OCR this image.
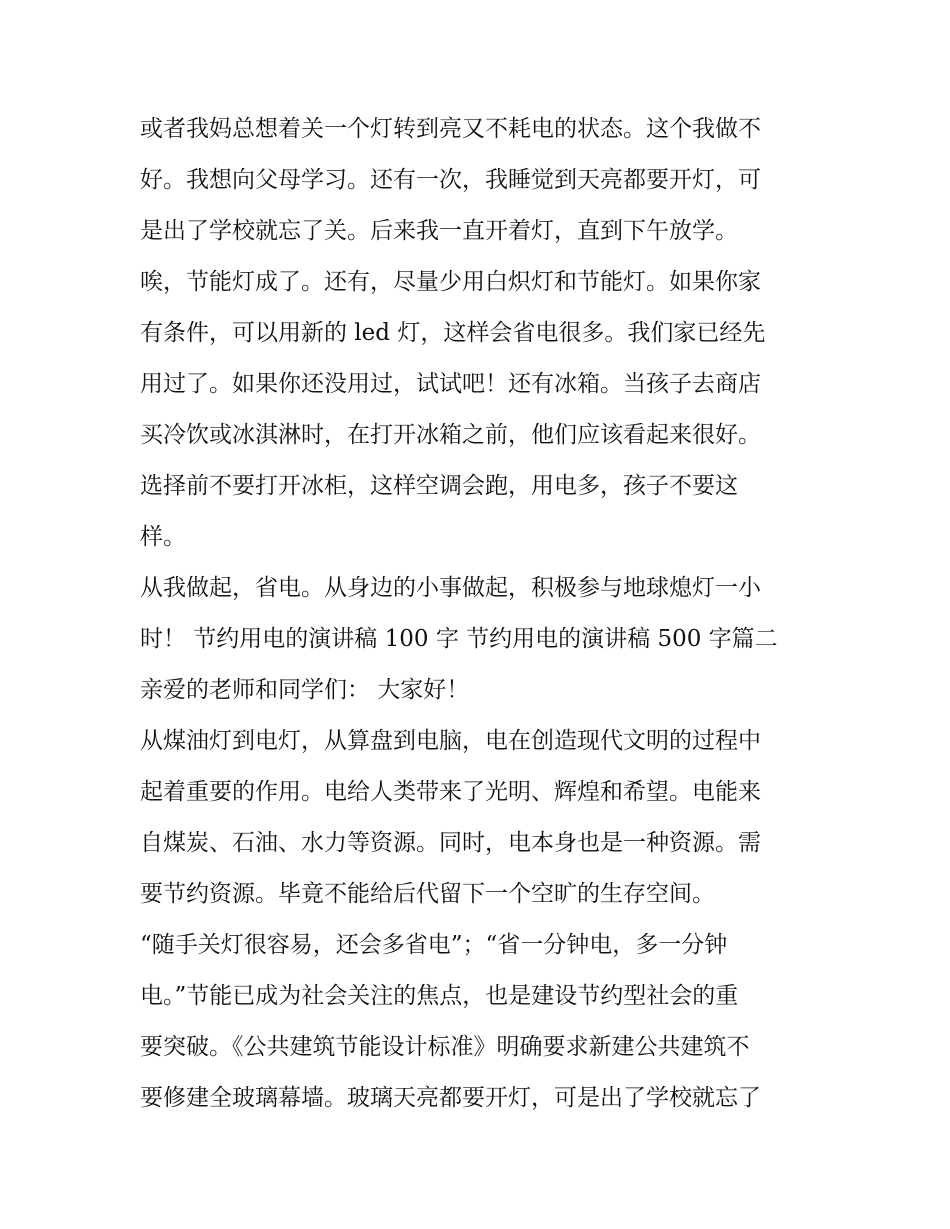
或者我妈总想着关一个灯转到亮又不耗电的状态。这个我做不
好。我想向父母学习。还有一次，我睡觉到天亮都要开灯，可
是出了学校就忘了关。后来我一直开着灯，直到下午放学。
唉，节能灯成了。还有，尽量少用白炽灯和节能灯。如果你家
有条件，可以用新的 led 灯，这样会省电很多。我们家已经先
用过了。如果你还没用过，试试吧！还有冰箱。当孩子去商店
买冷饮或冰淇淋时，在打开冰箱之前，他们应该看起来很好。
选择前不要打开冰柜，这样空调会跑，用电多，孩子不要这
样。
从我做起，省电。从身边的小事做起，积极参与地球熄灯一小
时！ 节约用电的演讲稿 100 字 节约用电的演讲稿 500 字篇二
亲爱的老师和同学们： 大家好！
从煤油灯到电灯，从算盘到电脑，电在创造现代文明的过程中
起着重要的作用。电给人类带来了光明、辉煌和希望。电能来
自煤炭、石油、水力等资源。同时，电本身也是一种资源。需
要节约资源。毕竟不能给后代留下一个空旷的生存空间。
“随手关灯很容易，还会多省电”；“省一分钟电，多一分钟
电。”节能已成为社会关注的焦点，也是建设节约型社会的重
要突破。《公共建筑节能设计标准》明确要求新建公共建筑不
要修建全玻璃幕墙。玻璃天亮都要开灯，可是出了学校就忘了
